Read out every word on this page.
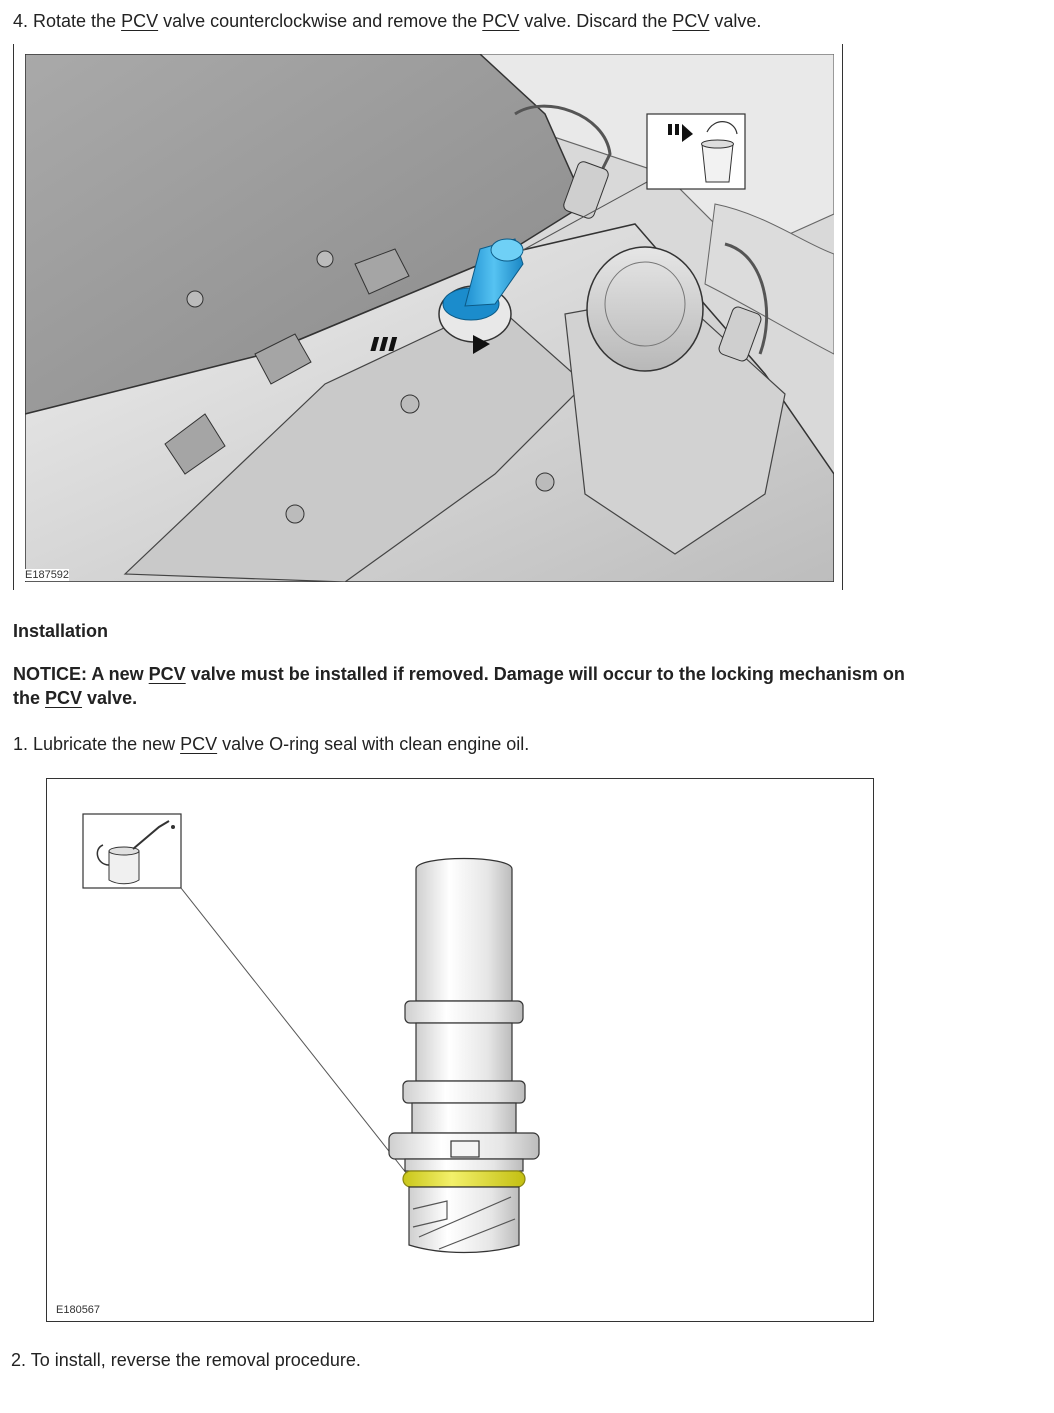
4. Rotate the PCV valve counterclockwise and remove the PCV valve. Discard the PCV valve.
E187592
Installation
NOTICE: A new PCV valve must be installed if removed. Damage will occur to the locking mechanism on
the PCV valve.
1. Lubricate the new PCV valve O-ring seal with clean engine oil.
E180567
2. To install, reverse the removal procedure.
